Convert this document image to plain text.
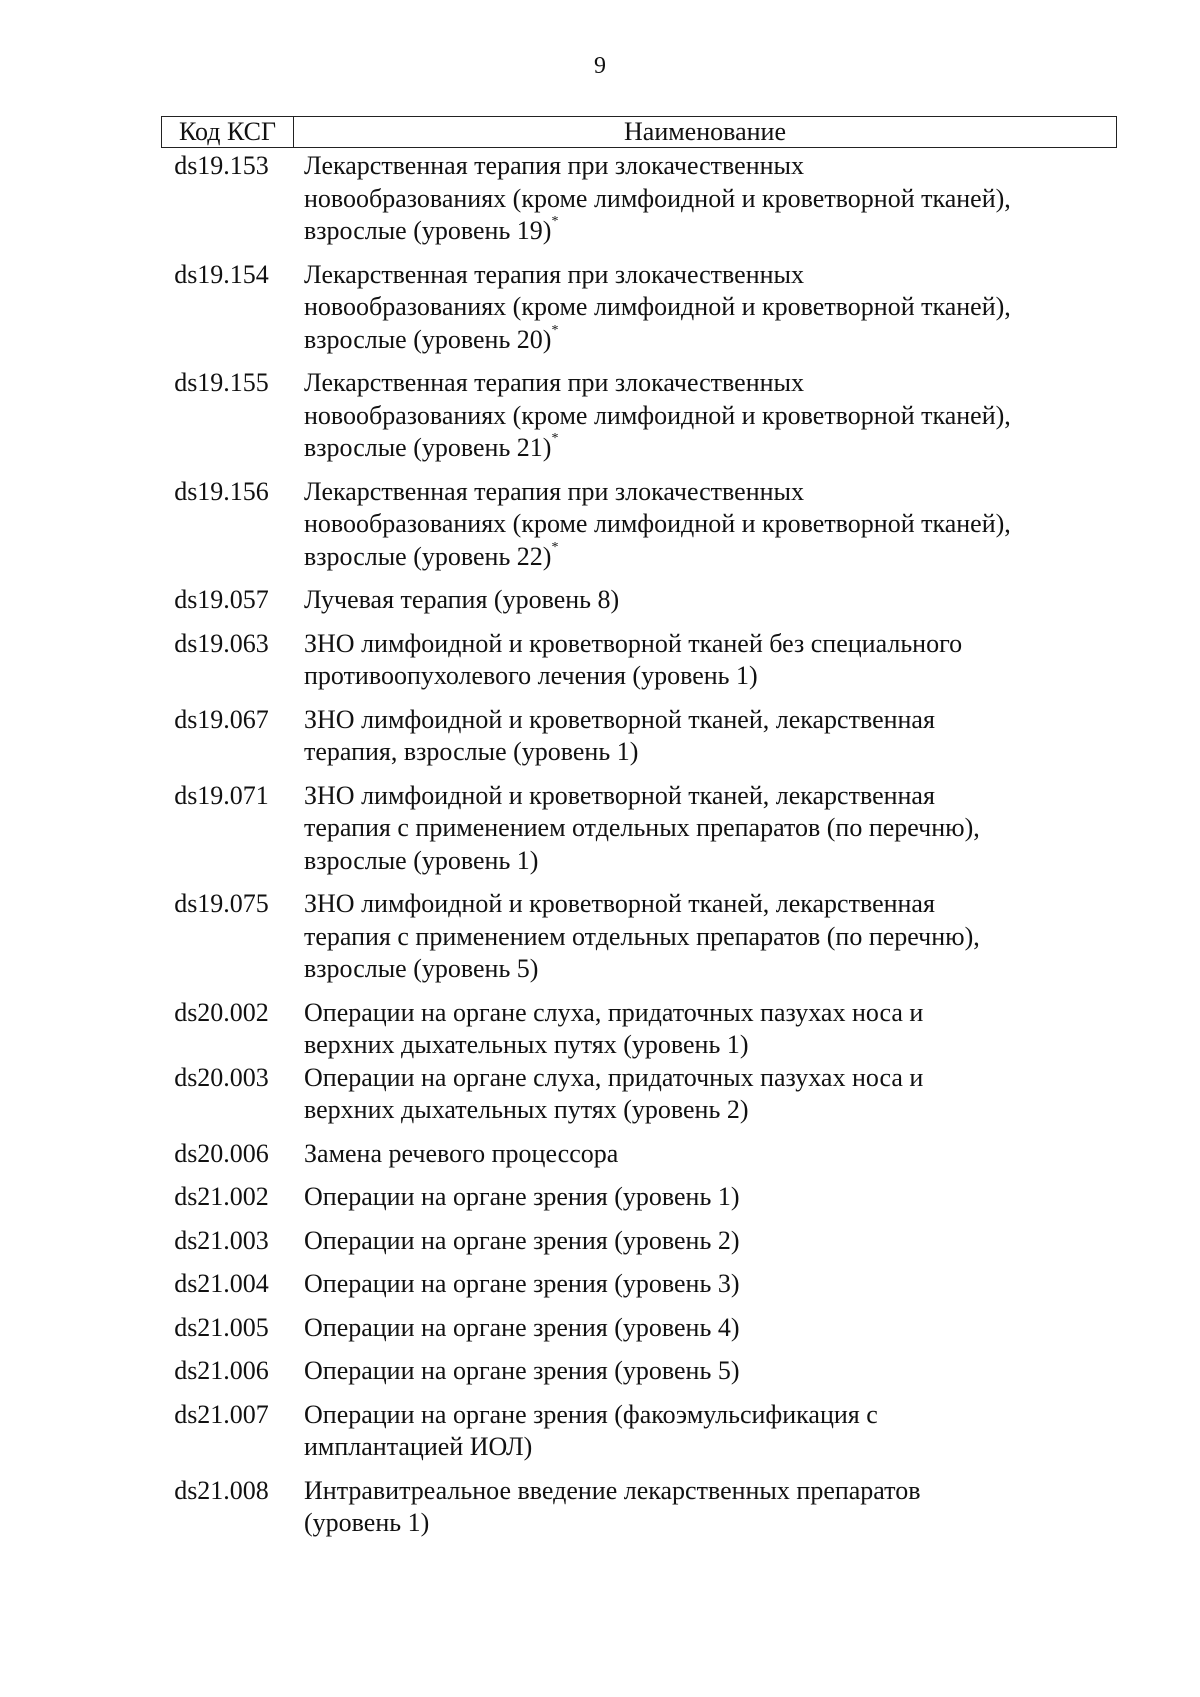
9
Код КСГ	Наименование
ds19.153	Лекарственная терапия при злокачественных
новообразованиях (кроме лимфоидной и кроветворной тканей),
взрослые (уровень 19)*
ds19.154	Лекарственная терапия при злокачественных
новообразованиях (кроме лимфоидной и кроветворной тканей),
взрослые (уровень 20)*
ds19.155	Лекарственная терапия при злокачественных
новообразованиях (кроме лимфоидной и кроветворной тканей),
взрослые (уровень 21)*
ds19.156	Лекарственная терапия при злокачественных
новообразованиях (кроме лимфоидной и кроветворной тканей),
взрослые (уровень 22)*
ds19.057	Лучевая терапия (уровень 8)
ds19.063	ЗНО лимфоидной и кроветворной тканей без специального
противоопухолевого лечения (уровень 1)
ds19.067	ЗНО лимфоидной и кроветворной тканей, лекарственная
терапия, взрослые (уровень 1)
ds19.071	ЗНО лимфоидной и кроветворной тканей, лекарственная
терапия с применением отдельных препаратов (по перечню),
взрослые (уровень 1)
ds19.075	ЗНО лимфоидной и кроветворной тканей, лекарственная
терапия с применением отдельных препаратов (по перечню),
взрослые (уровень 5)
ds20.002	Операции на органе слуха, придаточных пазухах носа и
верхних дыхательных путях (уровень 1)
ds20.003	Операции на органе слуха, придаточных пазухах носа и
верхних дыхательных путях (уровень 2)
ds20.006	Замена речевого процессора
ds21.002	Операции на органе зрения (уровень 1)
ds21.003	Операции на органе зрения (уровень 2)
ds21.004	Операции на органе зрения (уровень 3)
ds21.005	Операции на органе зрения (уровень 4)
ds21.006	Операции на органе зрения (уровень 5)
ds21.007	Операции на органе зрения (факоэмульсификация с
имплантацией ИОЛ)
ds21.008	Интравитреальное введение лекарственных препаратов
(уровень 1)
